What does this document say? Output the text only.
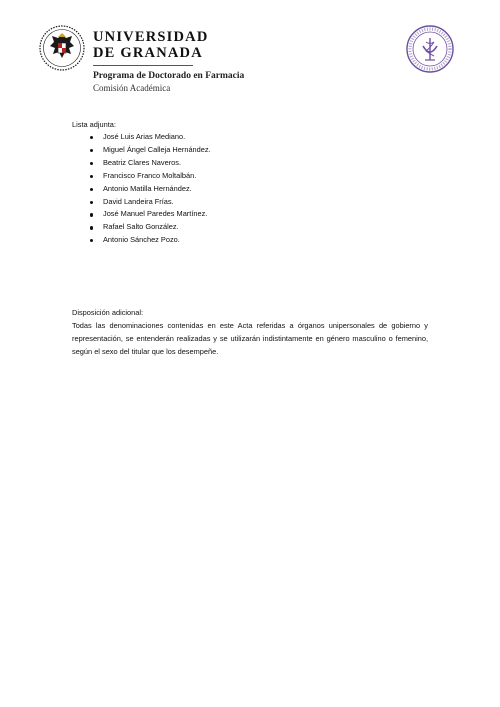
UNIVERSIDAD
DE GRANADA
Programa de Doctorado en Farmacia
Comisión Académica

Lista adjunta:

José Luis Arias Mediano.
Miguel Ángel Calleja Hernández.
Beatriz Clares Naveros.
Francisco Franco Moltalbán.
Antonio Matilla Hernández.
David Landeira Frías.
José Manuel Paredes Martínez.
Rafael Salto González.
Antonio Sánchez Pozo.

Disposición adicional:

Todas las denominaciones contenidas en este Acta referidas a órganos unipersonales de gobierno y representación, se entenderán realizadas y se utilizarán indistintamente en género masculino o femenino, según el sexo del titular que los desempeñe.
